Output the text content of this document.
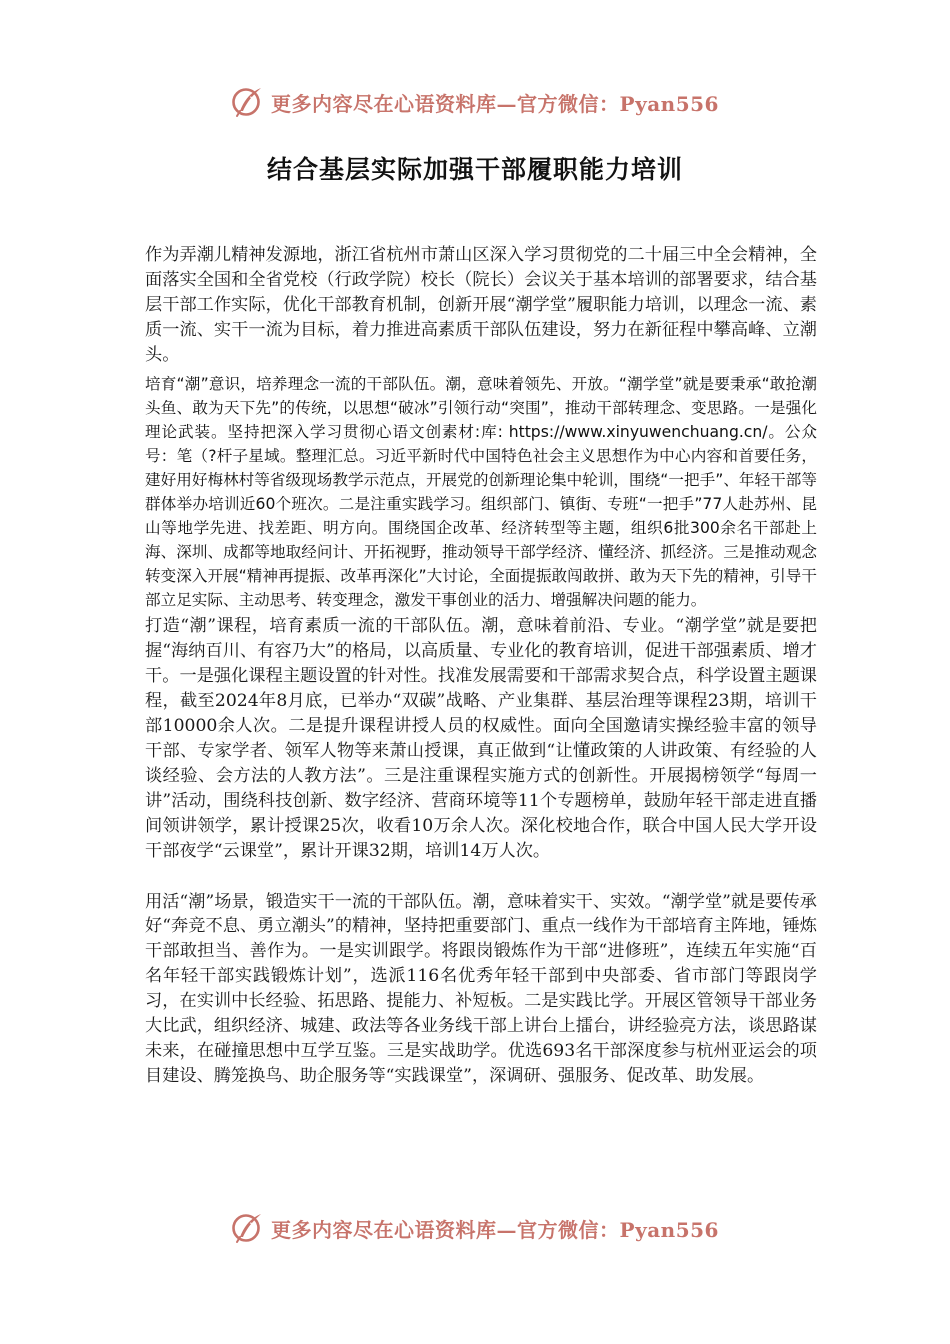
更多内容尽在心语资料库—官方微信：Pyan556
结合基层实际加强干部履职能力培训

作为弄潮儿精神发源地，浙江省杭州市萧山区深入学习贯彻党的二十届三中全会精神，全面落实全国和全省党校（行政学院）校长（院长）会议关于基本培训的部署要求，结合基层干部工作实际，优化干部教育机制，创新开展“潮学堂”履职能力培训，以理念一流、素质一流、实干一流为目标，着力推进高素质干部队伍建设，努力在新征程中攀高峰、立潮头。

培育“潮”意识，培养理念一流的干部队伍。潮，意味着领先、开放。“潮学堂”就是要秉承“敢抢潮头鱼、敢为天下先”的传统，以思想“破冰”引领行动“突围”，推动干部转理念、变思路。一是强化理论武装。坚持把深入学习贯彻心语文创素材:库: https://www.xinyuwenchuang.cn/。公众号：笔（?杆子星域。整理汇总。习近平新时代中国特色社会主义思想作为中心内容和首要任务，建好用好梅林村等省级现场教学示范点，开展党的创新理论集中轮训，围绕“一把手”、年轻干部等群体举办培训近60个班次。二是注重实践学习。组织部门、镇街、专班“一把手”77人赴苏州、昆山等地学先进、找差距、明方向。围绕国企改革、经济转型等主题，组织6批300余名干部赴上海、深圳、成都等地取经问计、开拓视野，推动领导干部学经济、懂经济、抓经济。三是推动观念转变深入开展“精神再提振、改革再深化”大讨论，全面提振敢闯敢拼、敢为天下先的精神，引导干部立足实际、主动思考、转变理念，激发干事创业的活力、增强解决问题的能力。

打造“潮”课程，培育素质一流的干部队伍。潮，意味着前沿、专业。“潮学堂”就是要把握“海纳百川、有容乃大”的格局，以高质量、专业化的教育培训，促进干部强素质、增才干。一是强化课程主题设置的针对性。找准发展需要和干部需求契合点，科学设置主题课程，截至2024年8月底，已举办“双碳”战略、产业集群、基层治理等课程23期，培训干部10000余人次。二是提升课程讲授人员的权威性。面向全国邀请实操经验丰富的领导干部、专家学者、领军人物等来萧山授课，真正做到“让懂政策的人讲政策、有经验的人谈经验、会方法的人教方法”。三是注重课程实施方式的创新性。开展揭榜领学“每周一讲”活动，围绕科技创新、数字经济、营商环境等11个专题榜单，鼓励年轻干部走进直播间领讲领学，累计授课25次，收看10万余人次。深化校地合作，联合中国人民大学开设干部夜学“云课堂”，累计开课32期，培训14万人次。

用活“潮”场景，锻造实干一流的干部队伍。潮，意味着实干、实效。“潮学堂”就是要传承好“奔竞不息、勇立潮头”的精神，坚持把重要部门、重点一线作为干部培育主阵地，锤炼干部敢担当、善作为。一是实训跟学。将跟岗锻炼作为干部“进修班”，连续五年实施“百名年轻干部实践锻炼计划”，选派116名优秀年轻干部到中央部委、省市部门等跟岗学习，在实训中长经验、拓思路、提能力、补短板。二是实践比学。开展区管领导干部业务大比武，组织经济、城建、政法等各业务线干部上讲台上擂台，讲经验亮方法，谈思路谋未来，在碰撞思想中互学互鉴。三是实战助学。优选693名干部深度参与杭州亚运会的项目建设、腾笼换鸟、助企服务等“实践课堂”，深调研、强服务、促改革、助发展。

更多内容尽在心语资料库—官方微信：Pyan556
